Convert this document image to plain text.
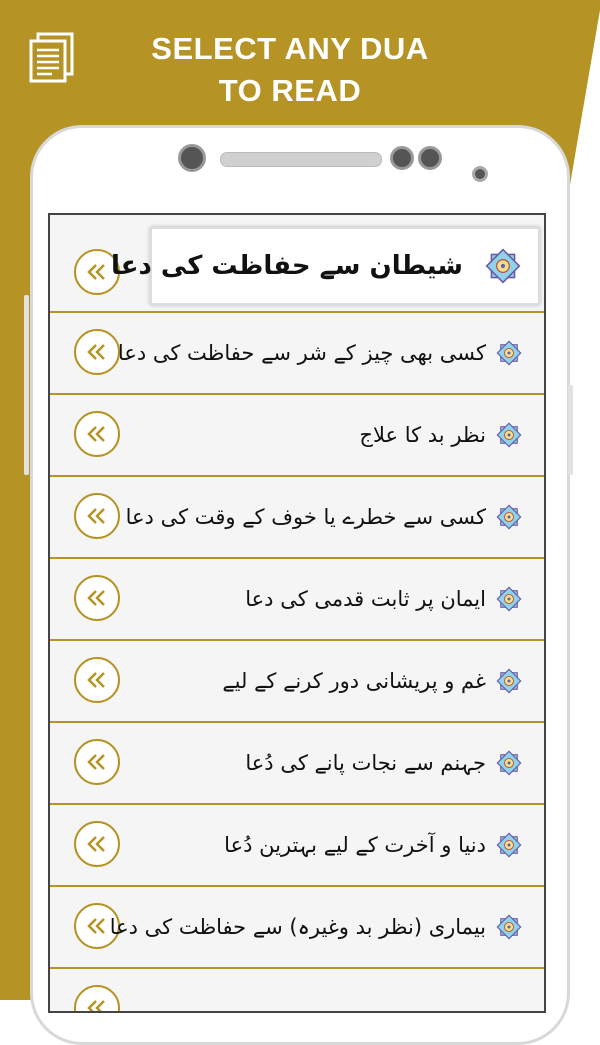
SELECT ANY DUA
TO READ
شیطان سے حفاظت کی دعا
کسی بھی چیز کے شر سے حفاظت کی دعا
نظر بد کا علاج
کسی سے خطرے یا خوف کے وقت کی دعا
ایمان پر ثابت قدمی کی دعا
غم و پریشانی دور کرنے کے لیے
جہنم سے نجات پانے کی دُعا
دنیا و آخرت کے لیے بہترین دُعا
بیماری (نظر بد وغیرہ) سے حفاظت کی دعا
